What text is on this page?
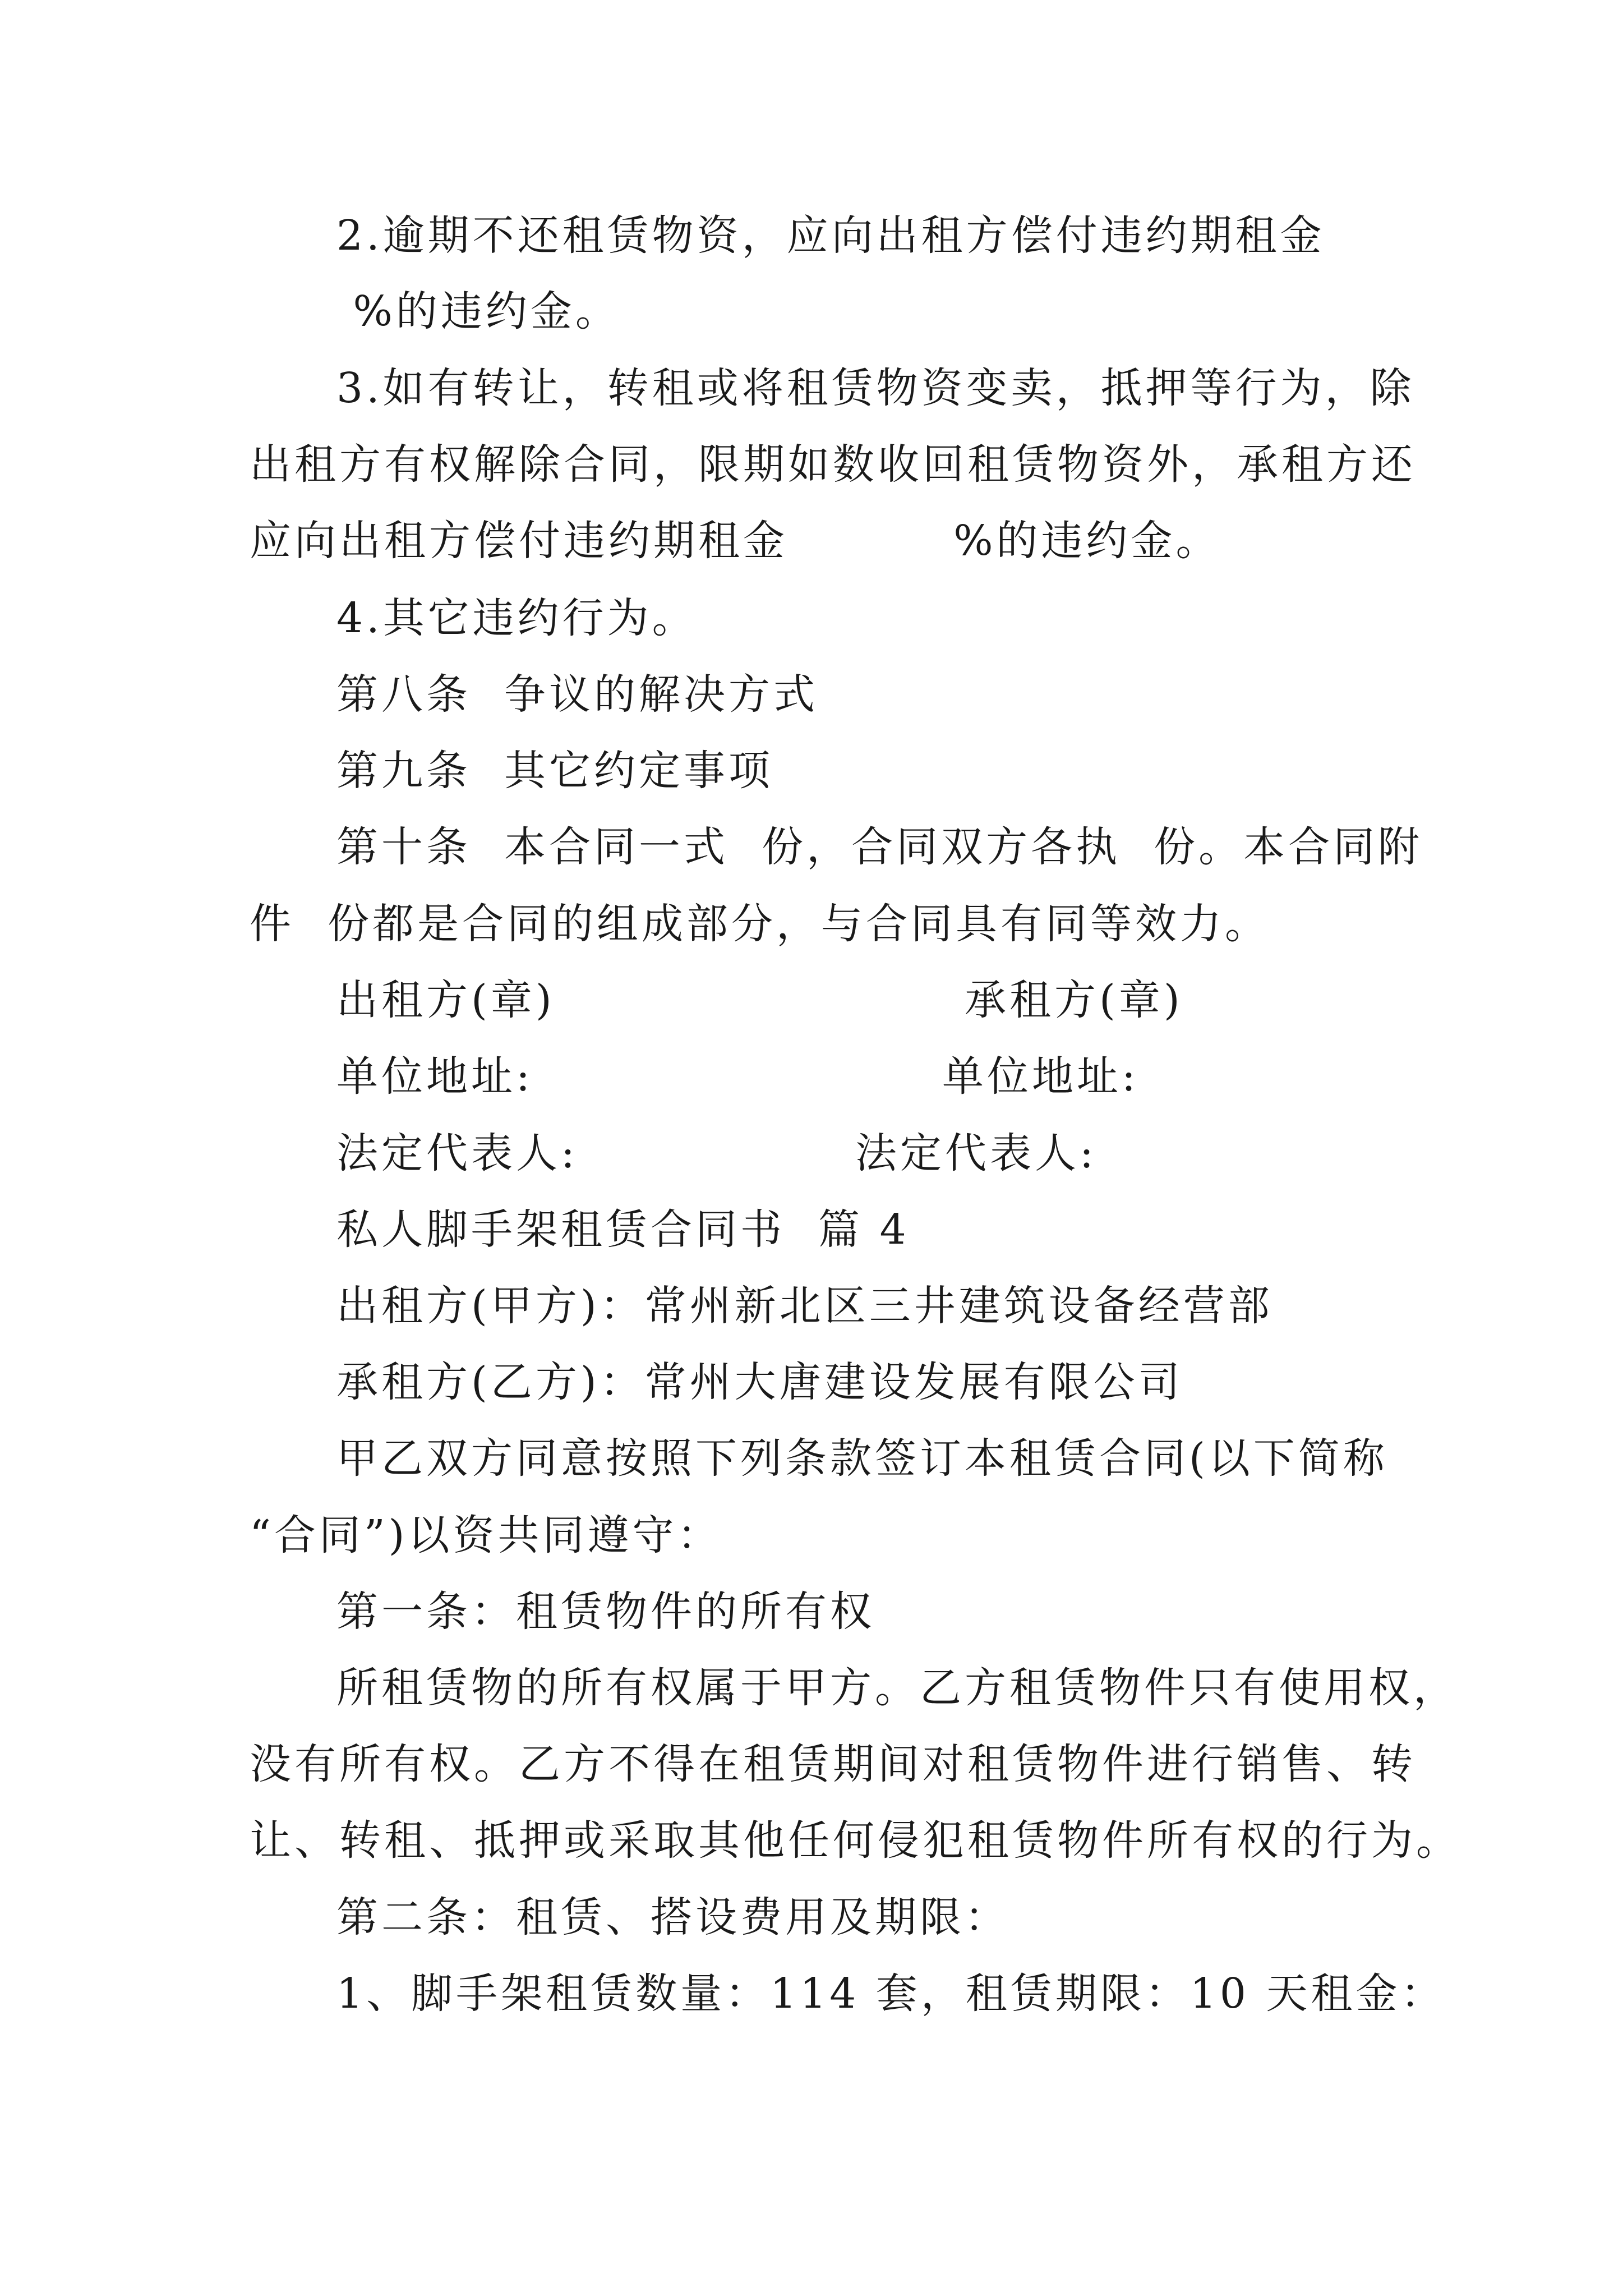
2.逾期不还租赁物资，应向出租方偿付违约期租金
%的违约金。
3.如有转让，转租或将租赁物资变卖，抵押等行为，除
出租方有权解除合同，限期如数收回租赁物资外，承租方还
应向出租方偿付违约期租金          %的违约金。
4.其它违约行为。
第八条  争议的解决方式
第九条  其它约定事项
第十条  本合同一式  份，合同双方各执  份。本合同附
件  份都是合同的组成部分，与合同具有同等效力。
出租方(章)	承租方(章)
单位地址:	单位地址:
法定代表人:	法定代表人:
私人脚手架租赁合同书  篇 4
出租方(甲方)：常州新北区三井建筑设备经营部
承租方(乙方)：常州大唐建设发展有限公司
甲乙双方同意按照下列条款签订本租赁合同(以下简称
“合同”)以资共同遵守：
第一条：租赁物件的所有权
所租赁物的所有权属于甲方。乙方租赁物件只有使用权，
没有所有权。乙方不得在租赁期间对租赁物件进行销售、转
让、转租、抵押或采取其他任何侵犯租赁物件所有权的行为。
第二条：租赁、搭设费用及期限：
1、脚手架租赁数量：114 套，租赁期限：10 天租金：
